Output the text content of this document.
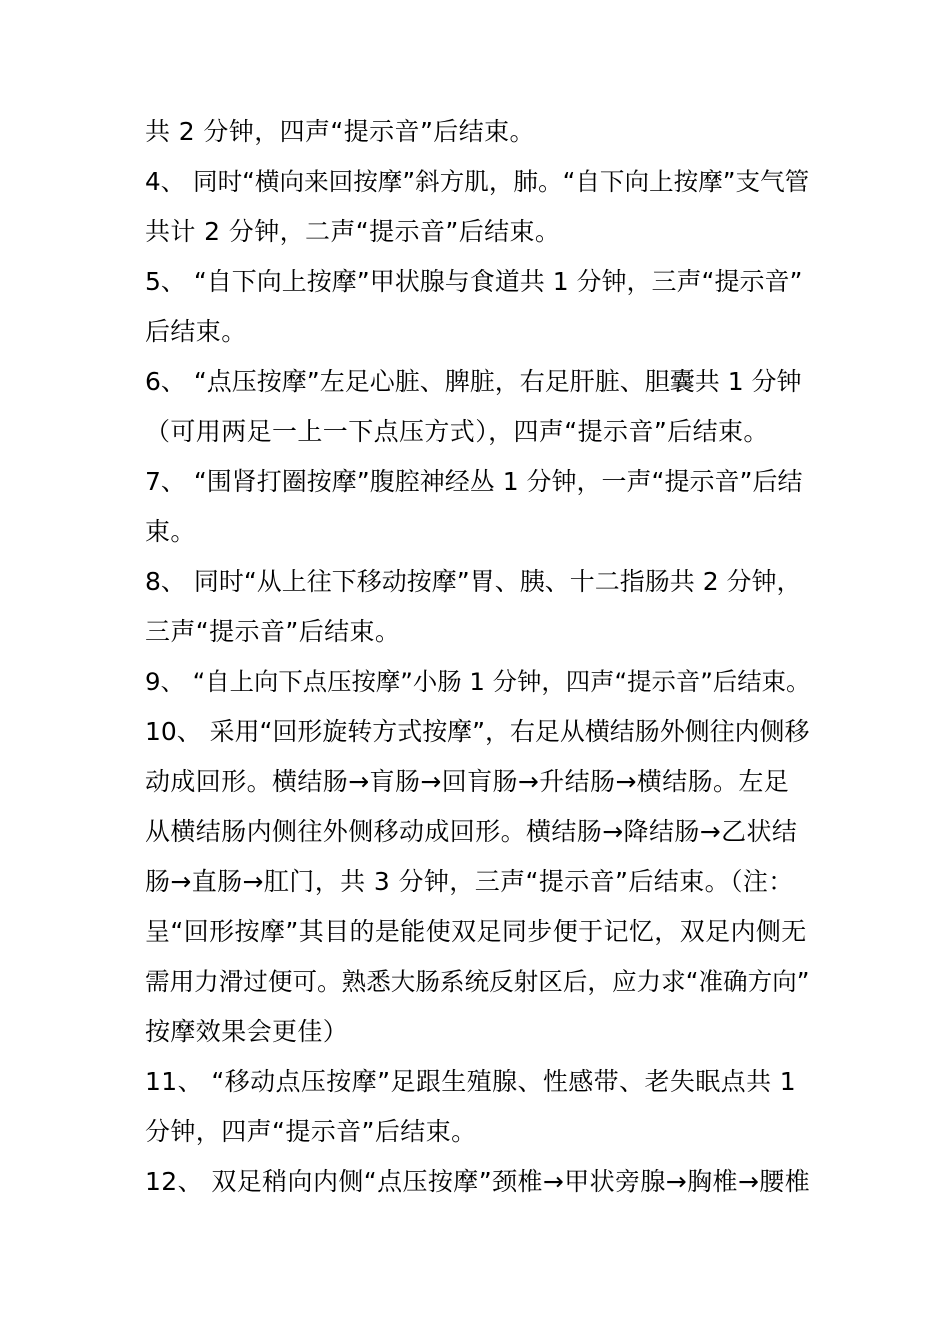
共 2 分钟，四声“提示音”后结束。
4、 同时“横向来回按摩”斜方肌，肺。“自下向上按摩”支气管
共计 2 分钟，二声“提示音”后结束。
5、 “自下向上按摩”甲状腺与食道共 1 分钟，三声“提示音”
后结束。
6、 “点压按摩”左足心脏、脾脏，右足肝脏、胆囊共 1 分钟
（可用两足一上一下点压方式），四声“提示音”后结束。
7、 “围肾打圈按摩”腹腔神经丛 1 分钟，一声“提示音”后结
束。
8、 同时“从上往下移动按摩”胃、胰、十二指肠共 2 分钟，
三声“提示音”后结束。
9、 “自上向下点压按摩”小肠 1 分钟，四声“提示音”后结束。
10、 采用“回形旋转方式按摩”，右足从横结肠外侧往内侧移
动成回形。横结肠→肓肠→回肓肠→升结肠→横结肠。左足
从横结肠内侧往外侧移动成回形。横结肠→降结肠→乙状结
肠→直肠→肛门，共 3 分钟，三声“提示音”后结束。（注：
呈“回形按摩”其目的是能使双足同步便于记忆，双足内侧无
需用力滑过便可。熟悉大肠系统反射区后，应力求“准确方向”
按摩效果会更佳）
11、 “移动点压按摩”足跟生殖腺、性感带、老失眠点共 1
分钟，四声“提示音”后结束。
12、 双足稍向内侧“点压按摩”颈椎→甲状旁腺→胸椎→腰椎
